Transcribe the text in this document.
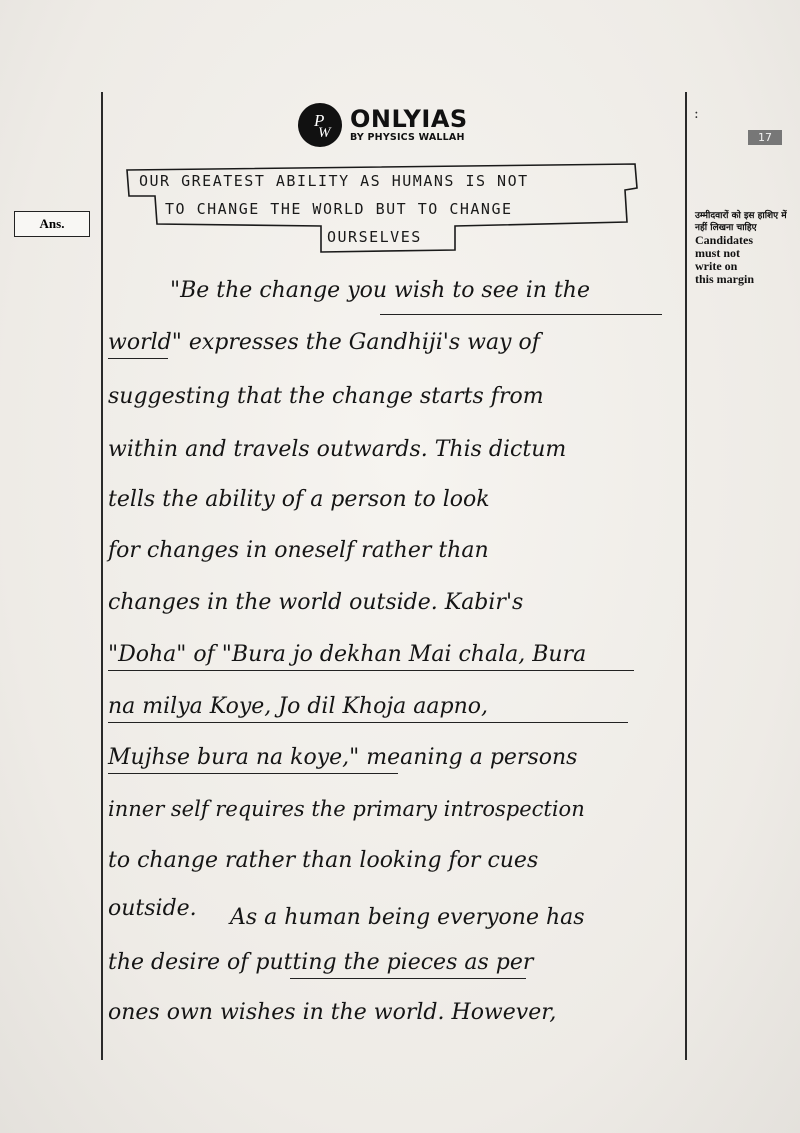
:
P
W ONLYIAS
BY PHYSICS WALLAH	17
Ans.	उम्मीदवारों को इस हाशिए में नहीं लिखना चाहिए
Candidates
must not
write on
this margin
OUR GREATEST ABILITY AS HUMANS IS NOT
TO CHANGE THE WORLD BUT TO CHANGE
OURSELVES
"Be the change you wish to see in the
world" expresses the Gandhiji's way of
suggesting that the change starts from
within and travels outwards. This dictum
tells the ability of a person to look
for changes in oneself rather than
changes in the world outside. Kabir's
"Doha" of "Bura jo dekhan Mai chala, Bura
na milya Koye, Jo dil Khoja aapno,
Mujhse bura na koye," meaning a persons
inner self requires the primary introspection
to change rather than looking for cues
outside. As a human being everyone has
the desire of putting the pieces as per
ones own wishes in the world. However,
